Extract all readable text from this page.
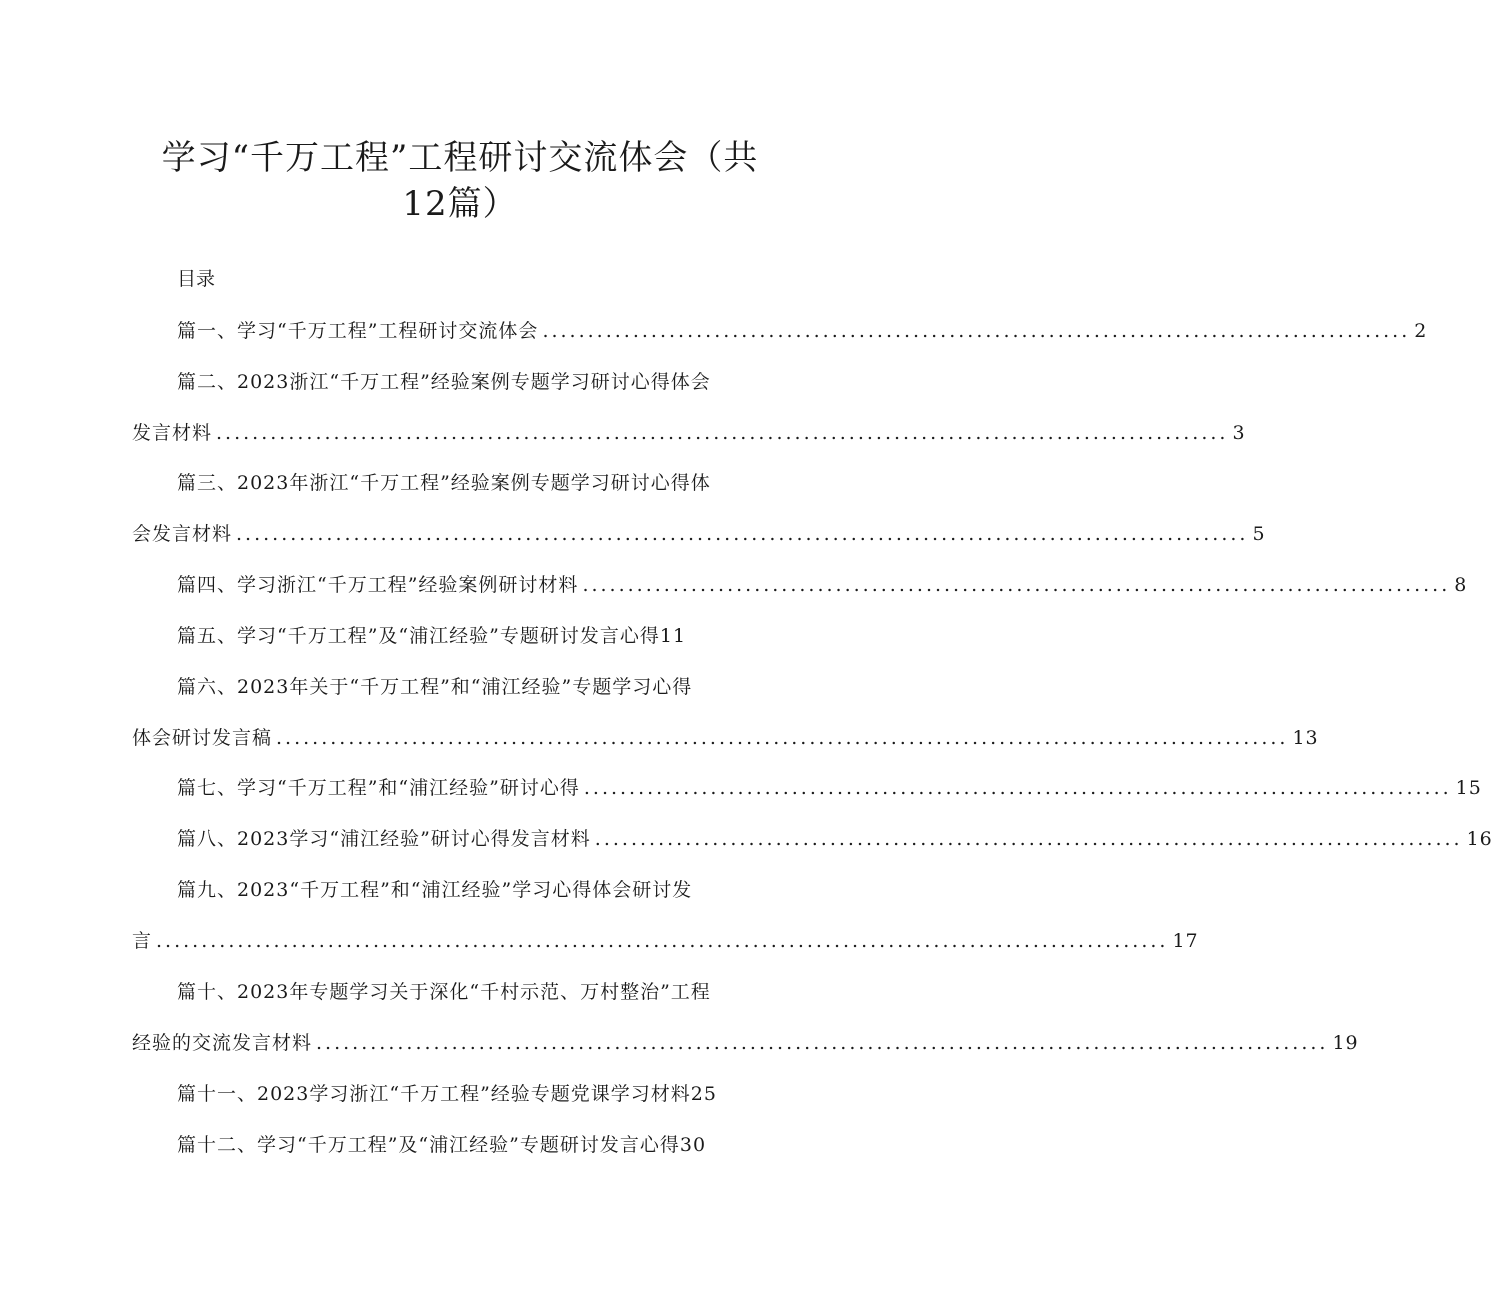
学习“千万工程”工程研讨交流体会（共
12篇）
目录
篇一、学习“千万工程”工程研讨交流体会 ................................................................................................ 2
篇二、2023浙江“千万工程”经验案例专题学习研讨心得体会
发言材料 ................................................................................................................ 3
篇三、2023年浙江“千万工程”经验案例专题学习研讨心得体
会发言材料 ................................................................................................................ 5
篇四、学习浙江“千万工程”经验案例研讨材料 ................................................................................................ 8
篇五、学习“千万工程”及“浦江经验”专题研讨发言心得11
篇六、2023年关于“千万工程”和“浦江经验”专题学习心得
体会研讨发言稿 ................................................................................................................ 13
篇七、学习“千万工程”和“浦江经验”研讨心得 ................................................................................................ 15
篇八、2023学习“浦江经验”研讨心得发言材料 ................................................................................................ 16
篇九、2023“千万工程”和“浦江经验”学习心得体会研讨发
言 ................................................................................................................ 17
篇十、2023年专题学习关于深化“千村示范、万村整治”工程
经验的交流发言材料 ................................................................................................................ 19
篇十一、2023学习浙江“千万工程”经验专题党课学习材料25
篇十二、学习“千万工程”及“浦江经验”专题研讨发言心得30
